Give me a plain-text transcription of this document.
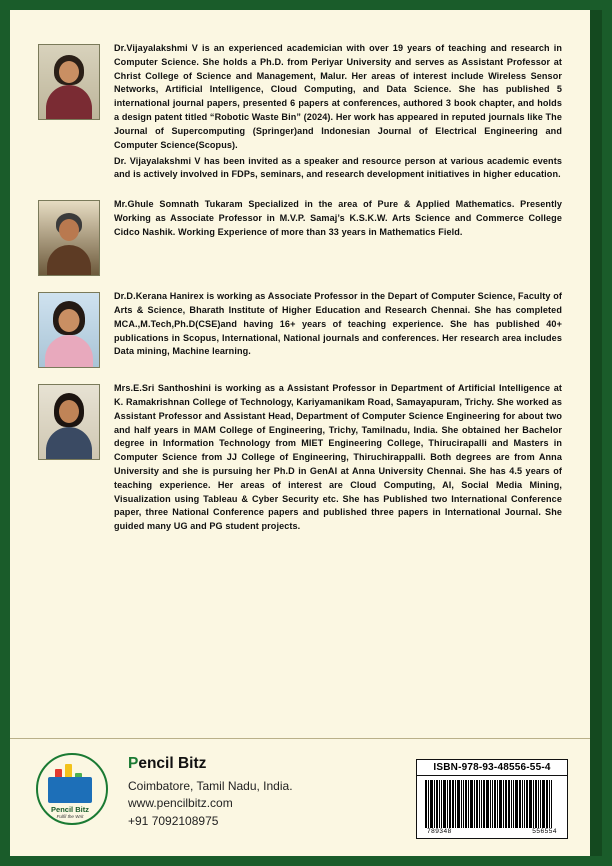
Dr.Vijayalakshmi V is an experienced academician with over 19 years of teaching and research in Computer Science. She holds a Ph.D. from Periyar University and serves as Assistant Professor at Christ College of Science and Management, Malur. Her areas of interest include Wireless Sensor Networks, Artificial Intelligence, Cloud Computing, and Data Science. She has published 5 international journal papers, presented 6 papers at conferences, authored 3 book chapter, and holds a design patent titled “Robotic Waste Bin” (2024). Her work has appeared in reputed journals like The Journal of Supercomputing (Springer)and Indonesian Journal of Electrical Engineering and Computer Science(Scopus).

Dr. Vijayalakshmi V has been invited as a speaker and resource person at various academic events and is actively involved in FDPs, seminars, and research development initiatives in higher education.

Mr.Ghule Somnath Tukaram Specialized in the area of Pure & Applied Mathematics. Presently Working as Associate Professor in M.V.P. Samaj’s K.S.K.W. Arts Science and Commerce College Cidco Nashik. Working Experience of more than 33 years in Mathematics Field.

Dr.D.Kerana Hanirex is working as Associate Professor in the Depart of Computer Science, Faculty of Arts & Science, Bharath Institute of Higher Education and Research Chennai. She has completed MCA.,M.Tech,Ph.D(CSE)and having 16+ years of teaching experience. She has published 40+ publications in Scopus, International, National journals and conferences. Her research area includes Data mining, Machine learning.

Mrs.E.Sri Santhoshini is working as a Assistant Professor in Department of Artificial Intelligence at K. Ramakrishnan College of Technology, Kariyamanikam Road, Samayapuram, Trichy. She worked as Assistant Professor and Assistant Head, Department of Computer Science Engineering for about two and half years in MAM College of Engineering, Trichy, Tamilnadu, India. She obtained her Bachelor degree in Information Technology from MIET Engineering College, Thirucirapalli and Masters in Computer Science from JJ College of Engineering, Thiruchirappalli. Both degrees are from Anna University and she is pursuing her Ph.D in GenAI at Anna University Chennai. She has 4.5 years of teaching experience. Her areas of interest are Cloud Computing, AI, Social Media Mining, Visualization using Tableau & Cyber Security etc. She has Published two International Conference paper, three National Conference papers and published three papers in International Journal. She guided many UG and PG student projects.

Pencil Bitz
Fulfil the Writ
Pencil Bitz
Coimbatore, Tamil Nadu, India.
www.pencilbitz.com
+91 7092108975
ISBN-978-93-48556-55-4
789348	556554
